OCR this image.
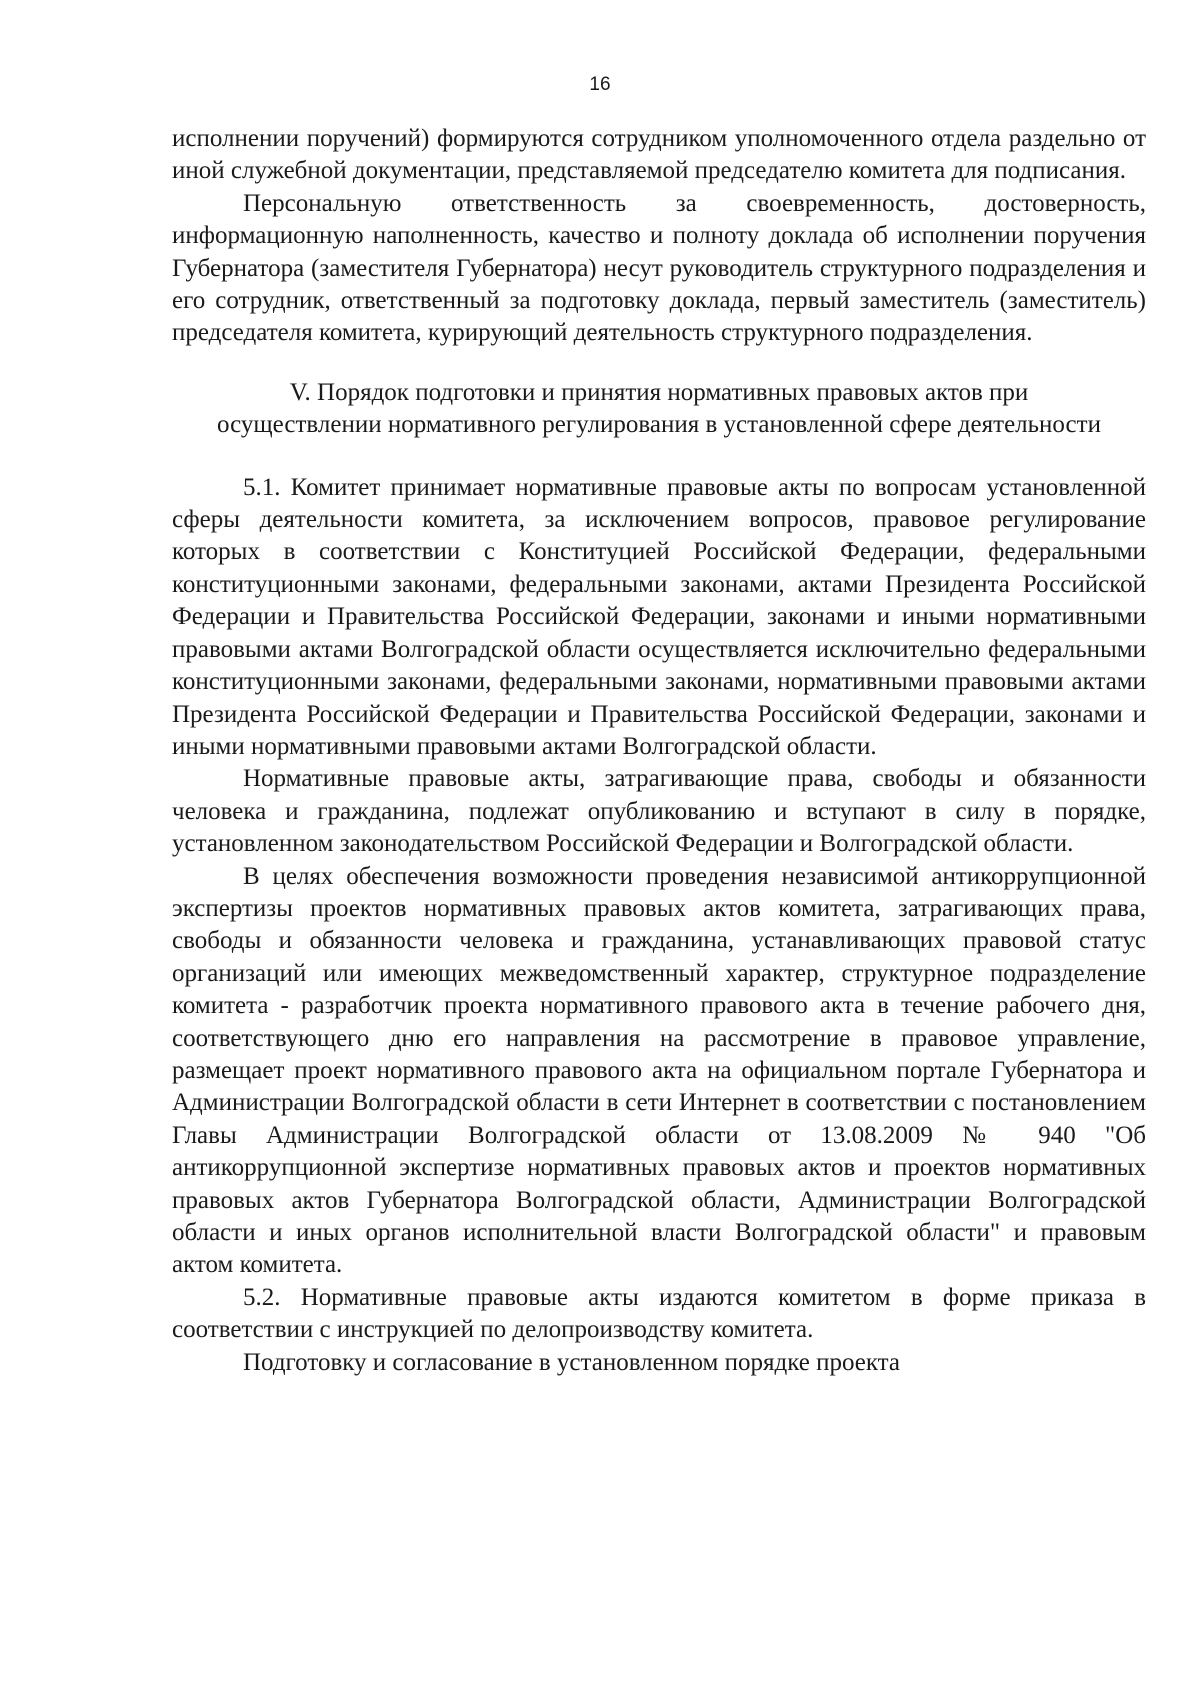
16

исполнении поручений) формируются сотрудником уполномоченного отдела раздельно от иной служебной документации, представляемой председателю комитета для подписания.

Персональную ответственность за своевременность, достоверность, информационную наполненность, качество и полноту доклада об исполнении поручения Губернатора (заместителя Губернатора) несут руководитель структурного подразделения и его сотрудник, ответственный за подготовку доклада, первый заместитель (заместитель) председателя комитета, курирующий деятельность структурного подразделения.

V. Порядок подготовки и принятия нормативных правовых актов при осуществлении нормативного регулирования в установленной сфере деятельности

5.1. Комитет принимает нормативные правовые акты по вопросам установленной сферы деятельности комитета, за исключением вопросов, правовое регулирование которых в соответствии с Конституцией Российской Федерации, федеральными конституционными законами, федеральными законами, актами Президента Российской Федерации и Правительства Российской Федерации, законами и иными нормативными правовыми актами Волгоградской области осуществляется исключительно федеральными конституционными законами, федеральными законами, нормативными правовыми актами Президента Российской Федерации и Правительства Российской Федерации, законами и иными нормативными правовыми актами Волгоградской области.

Нормативные правовые акты, затрагивающие права, свободы и обязанности человека и гражданина, подлежат опубликованию и вступают в силу в порядке, установленном законодательством Российской Федерации и Волгоградской области.

В целях обеспечения возможности проведения независимой антикоррупционной экспертизы проектов нормативных правовых актов комитета, затрагивающих права, свободы и обязанности человека и гражданина, устанавливающих правовой статус организаций или имеющих межведомственный характер, структурное подразделение комитета - разработчик проекта нормативного правового акта в течение рабочего дня, соответствующего дню его направления на рассмотрение в правовое управление, размещает проект нормативного правового акта на официальном портале Губернатора и Администрации Волгоградской области в сети Интернет в соответствии с постановлением Главы Администрации Волгоградской области от 13.08.2009 № 940 "Об антикоррупционной экспертизе нормативных правовых актов и проектов нормативных правовых актов Губернатора Волгоградской области, Администрации Волгоградской области и иных органов исполнительной власти Волгоградской области" и правовым актом комитета.

5.2. Нормативные правовые акты издаются комитетом в форме приказа в соответствии с инструкцией по делопроизводству комитета.

Подготовку и согласование в установленном порядке проекта
